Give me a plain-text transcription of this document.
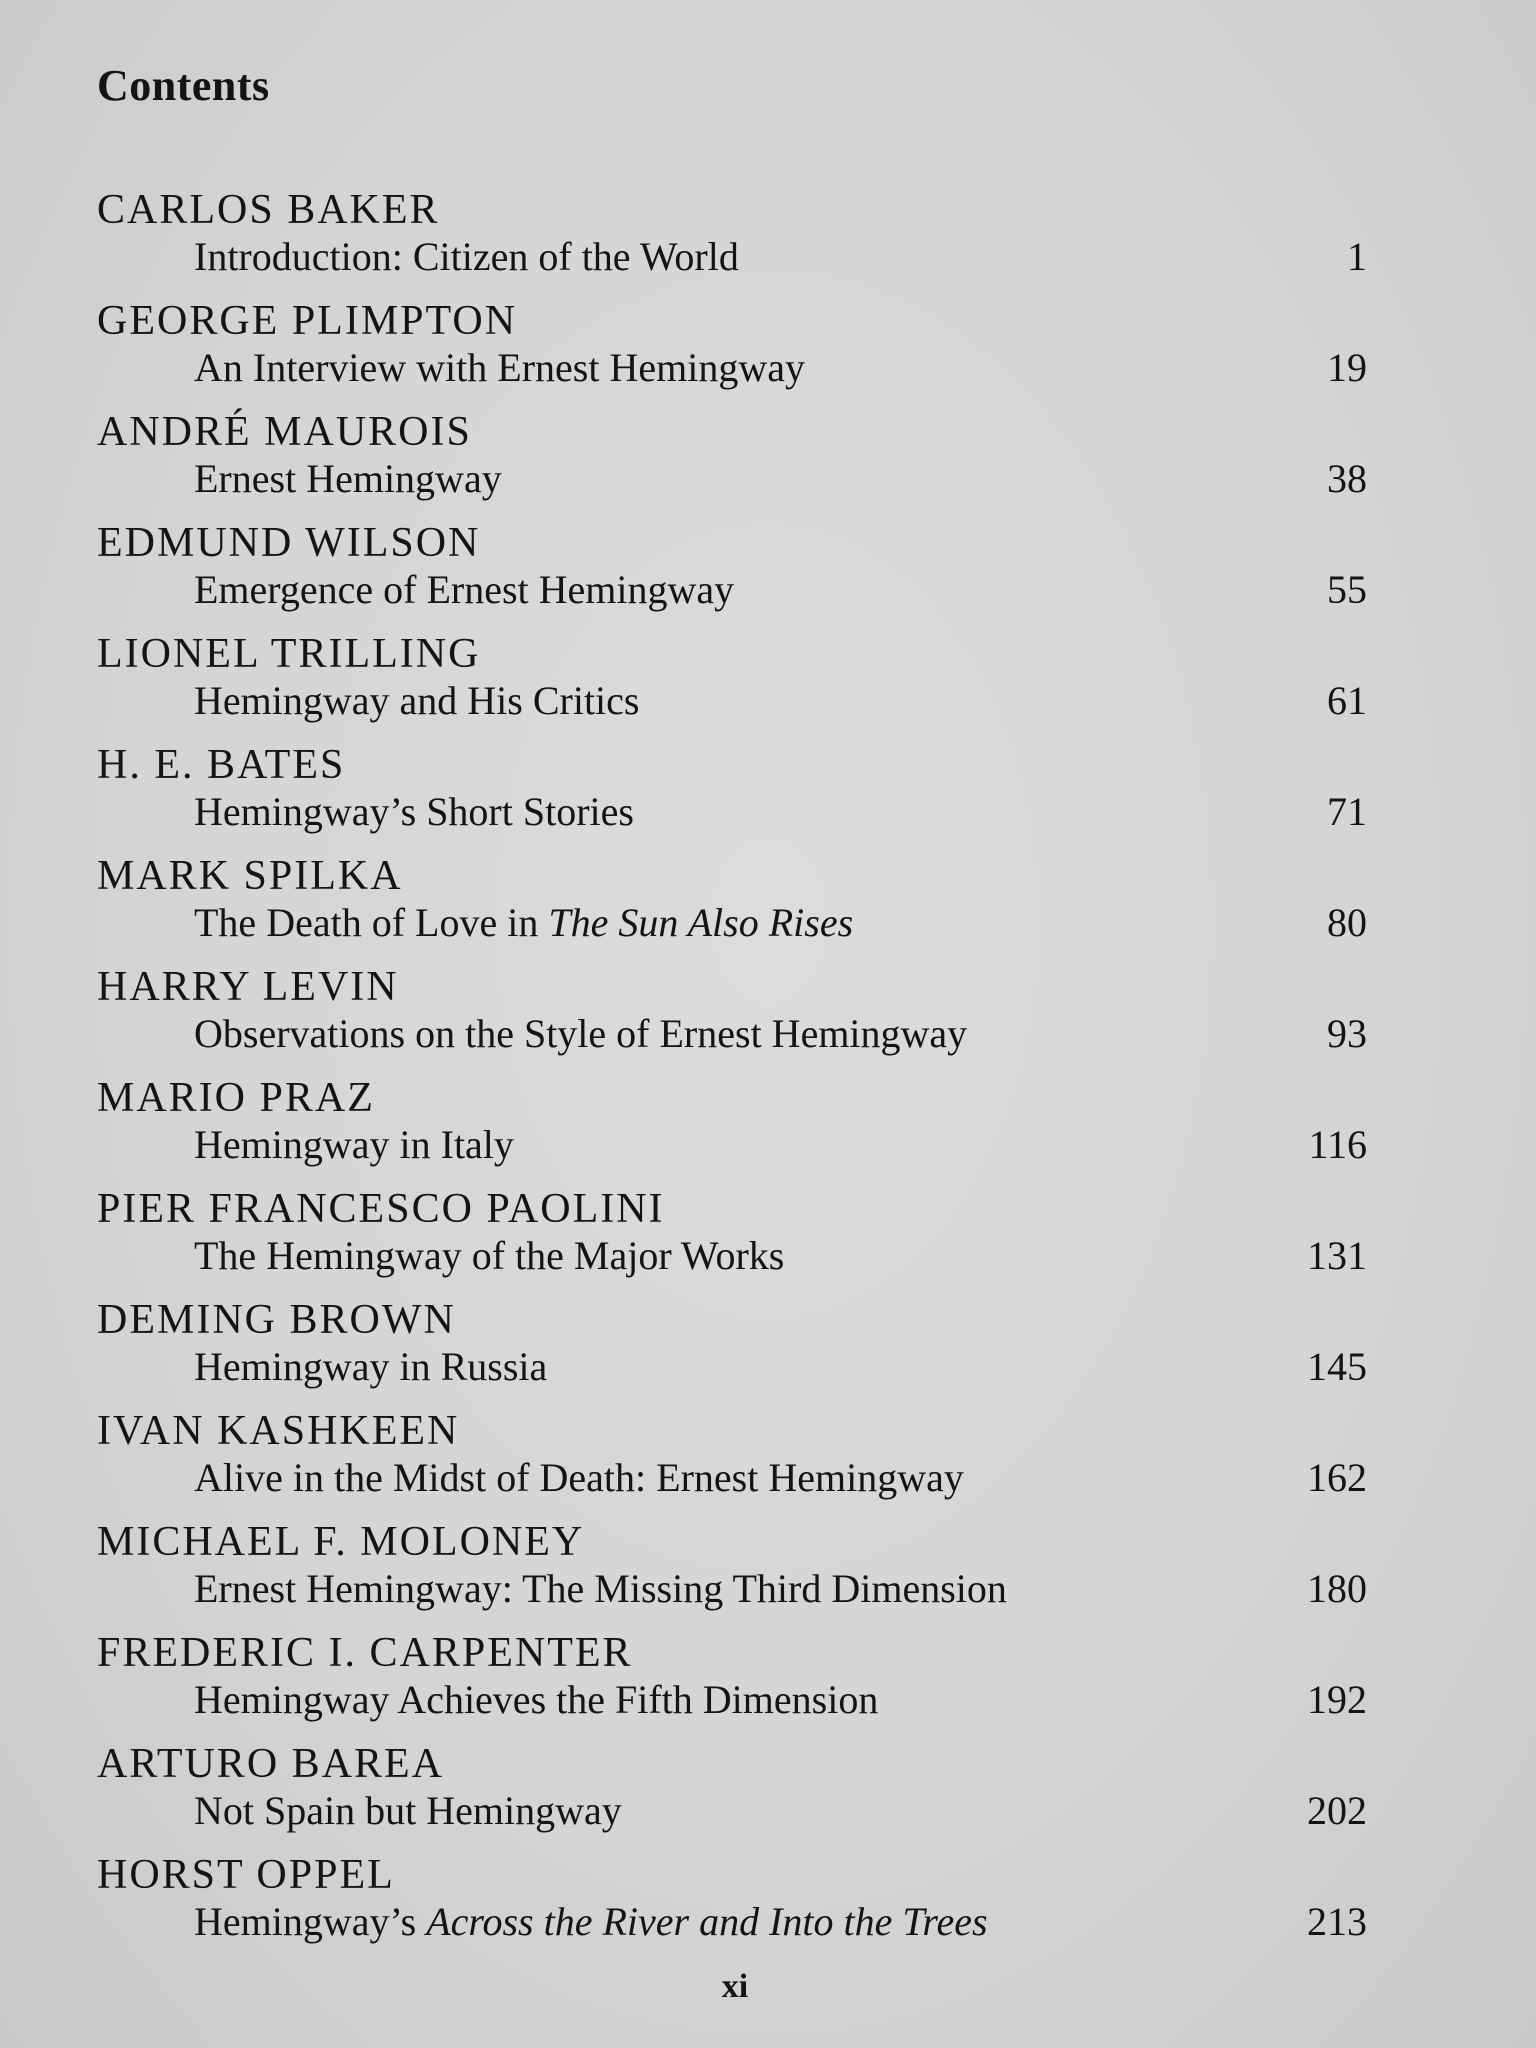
Contents
CARLOS BAKER
Introduction: Citizen of the World	1
GEORGE PLIMPTON
An Interview with Ernest Hemingway	19
ANDRÉ MAUROIS
Ernest Hemingway	38
EDMUND WILSON
Emergence of Ernest Hemingway	55
LIONEL TRILLING
Hemingway and His Critics	61
H. E. BATES
Hemingway’s Short Stories	71
MARK SPILKA
The Death of Love in The Sun Also Rises	80
HARRY LEVIN
Observations on the Style of Ernest Hemingway	93
MARIO PRAZ
Hemingway in Italy	116
PIER FRANCESCO PAOLINI
The Hemingway of the Major Works	131
DEMING BROWN
Hemingway in Russia	145
IVAN KASHKEEN
Alive in the Midst of Death: Ernest Hemingway	162
MICHAEL F. MOLONEY
Ernest Hemingway: The Missing Third Dimension	180
FREDERIC I. CARPENTER
Hemingway Achieves the Fifth Dimension	192
ARTURO BAREA
Not Spain but Hemingway	202
HORST OPPEL
Hemingway’s Across the River and Into the Trees	213
xi
